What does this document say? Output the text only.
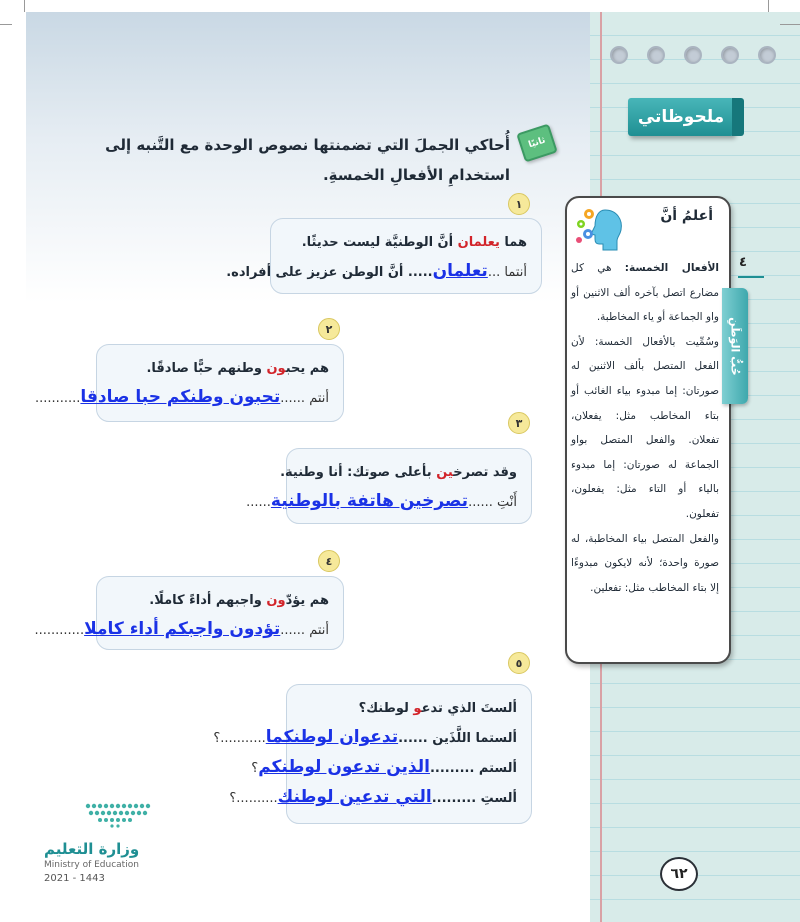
ملحوظاتي
ثانيًا
أُحاكي الجملَ التي تضمنتها نصوص الوحدة مع التَّنبه إلى استخدامِ الأفعالِ الخمسةِ.
١
هما يعلمان أنَّ الوطنيَّة ليست حديثًا.
أنتما ...تعلمان..... أنَّ الوطن عزيز على أفراده.
٢
هم يحبون وطنهم حبًّا صادقًا.
أنتم ......تحبون وطنكم حبا صادقا...........
٣
وقد تصرخين بأعلى صوتك: أنا وطنية.
أَنْتِ ......تصرخين هاتفة بالوطنية......
٤
هم يؤدّون واجبهم أداءً كاملًا.
أنتم ......تؤدون واجبكم أداء كاملا............
٥
ألستَ الذي تدعو لوطنك؟
ألستما اللَّذَين ......تدعوان لوطنكما...........؟
ألستم .........الذين تدعون لوطنكم؟
ألستِ .........التي تدعين لوطنك..........؟
أعلمُ أنَّ
الأفعال الخمسة: هي كل مضارع اتصل بآخره ألف الاثنين أو واو الجماعة أو ياء المخاطبة.
وسُمِّيت بالأفعال الخمسة: لأن الفعل المتصل بألف الاثنين له صورتان: إما مبدوء بياء الغائب أو بتاء المخاطب مثل: يفعلان، تفعلان. والفعل المتصل بواو الجماعة له صورتان: إما مبدوء بالياء أو التاء مثل: يفعلون، تفعلون.
والفعل المتصل بياء المخاطبة، له صورة واحدة؛ لأنه لايكون مبدوءًا إلا بتاء المخاطب مثل: تفعلين.
٤
حُبُّ الوَطَنِ
٦٢
وزارة التعليم
Ministry of Education
2021 - 1443
